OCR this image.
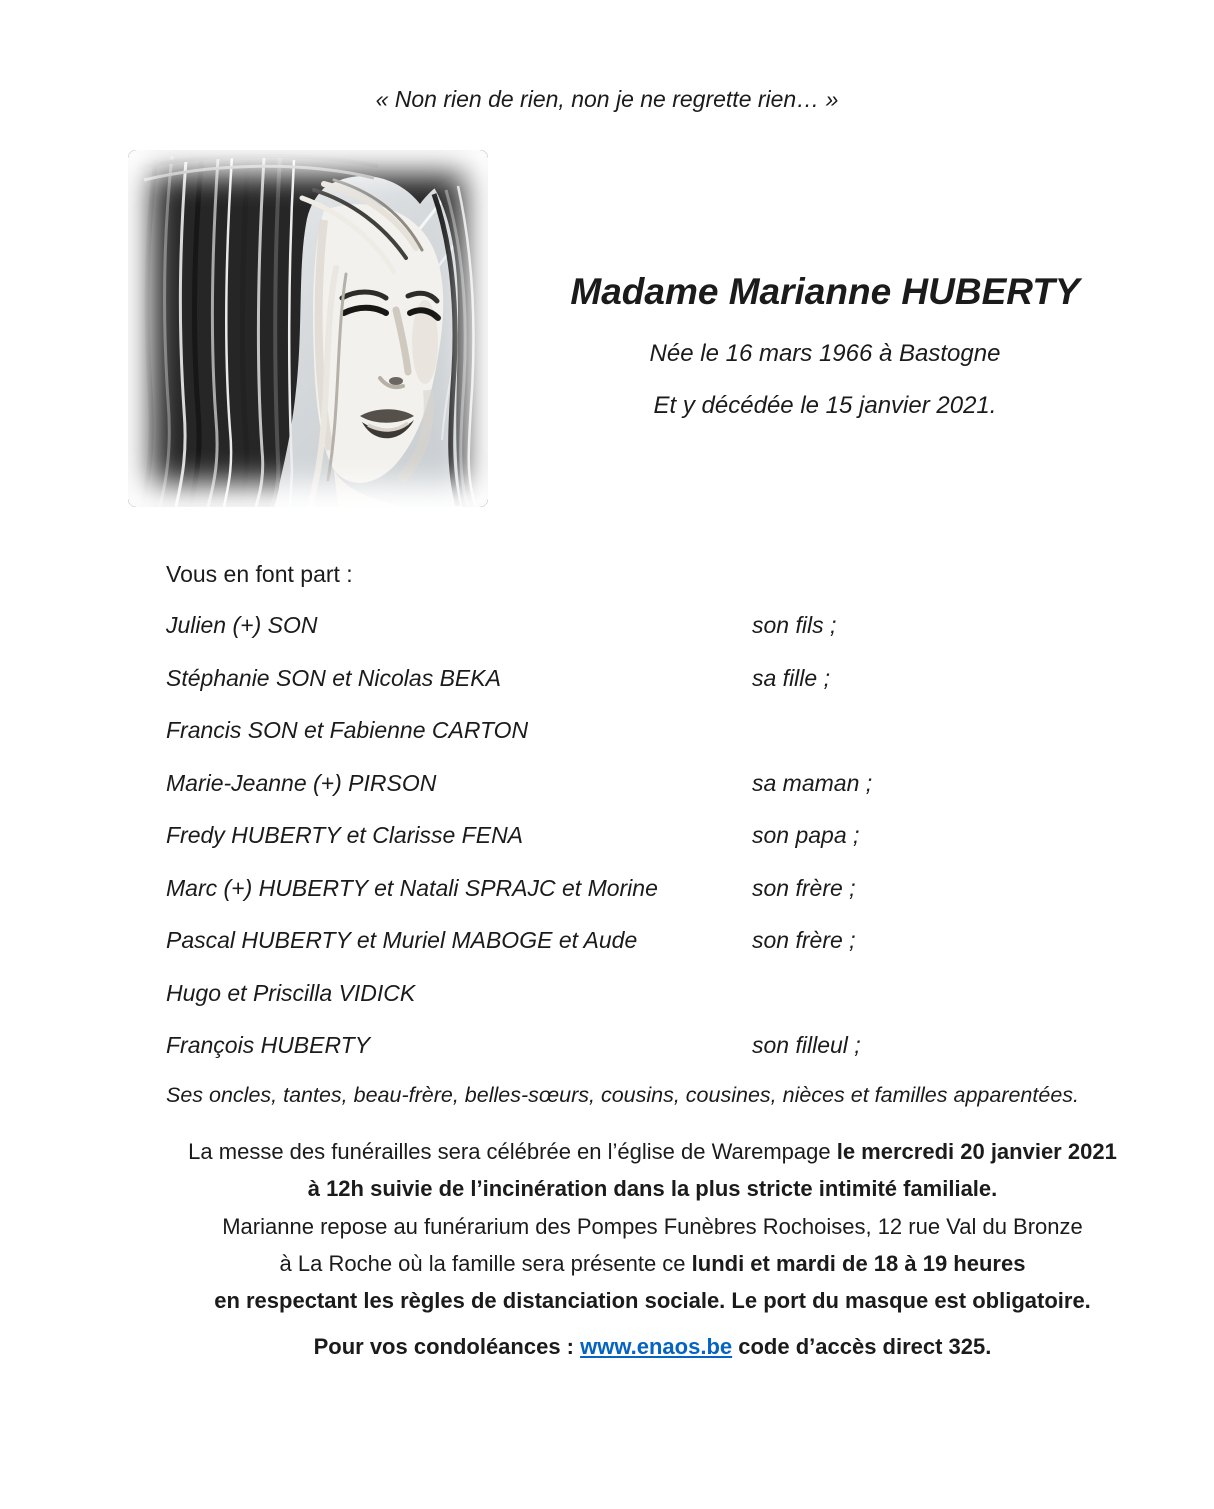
« Non rien de rien, non je ne regrette rien… »
Madame Marianne HUBERTY
Née le 16 mars 1966 à Bastogne
Et y décédée le 15 janvier 2021.
Vous en font part :
Julien (+) SON	son fils ;
Stéphanie SON et Nicolas BEKA	sa fille ;
Francis SON et Fabienne CARTON
Marie-Jeanne (+) PIRSON	sa maman ;
Fredy HUBERTY et Clarisse FENA	son papa ;
Marc (+) HUBERTY et Natali SPRAJC et Morine	son frère ;
Pascal HUBERTY et Muriel MABOGE et Aude	son frère ;
Hugo et Priscilla VIDICK
François HUBERTY	son filleul ;
Ses oncles, tantes, beau-frère, belles-sœurs, cousins, cousines, nièces et familles apparentées.
La messe des funérailles sera célébrée en l’église de Warempage le mercredi 20 janvier 2021
à 12h suivie de l’incinération dans la plus stricte intimité familiale.
Marianne repose au funérarium des Pompes Funèbres Rochoises, 12 rue Val du Bronze
à La Roche où la famille sera présente ce lundi et mardi de 18 à 19 heures
en respectant les règles de distanciation sociale. Le port du masque est obligatoire.
Pour vos condoléances : www.enaos.be code d’accès direct 325.
